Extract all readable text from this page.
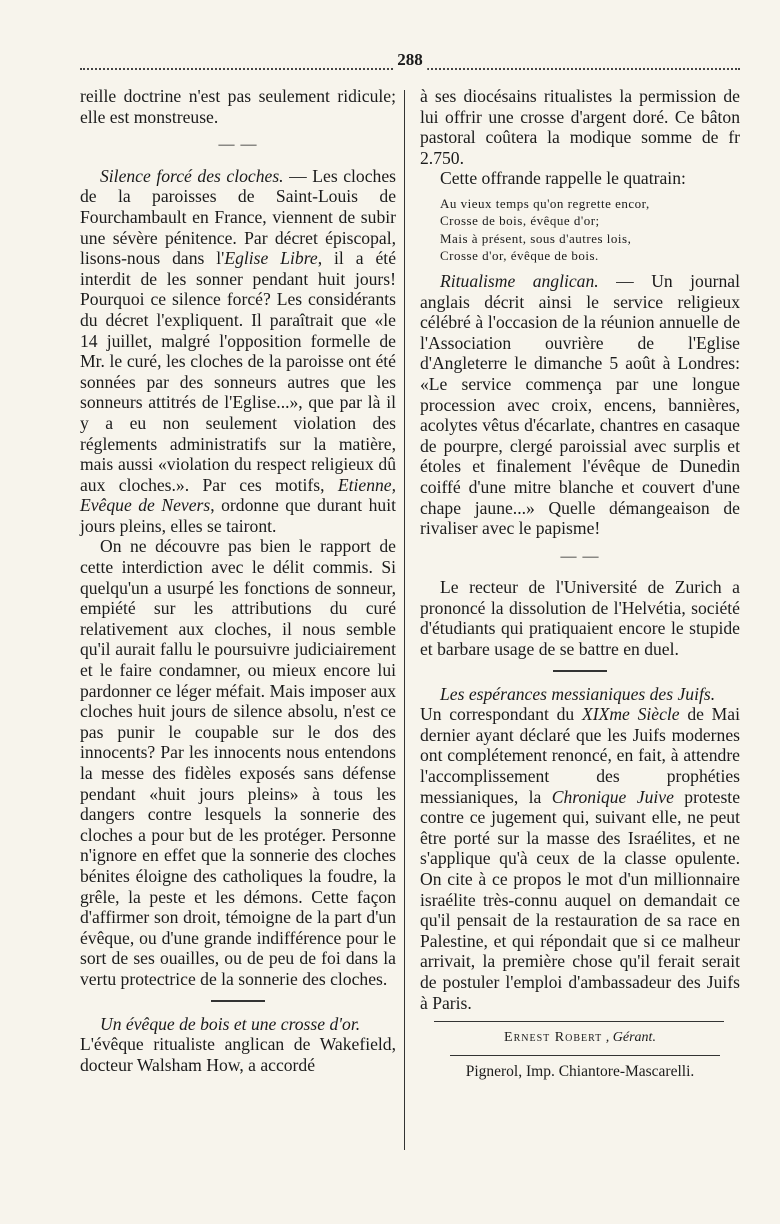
288

reille doctrine n'est pas seulement ridicule; elle est monstreuse.

— —

Silence forcé des cloches. — Les cloches de la paroisses de Saint-Louis de Fourchambault en France, viennent de subir une sévère pénitence. Par décret épiscopal, lisons-nous dans l'Eglise Libre, il a été interdit de les sonner pendant huit jours! Pourquoi ce silence forcé? Les considérants du décret l'expliquent. Il paraîtrait que «le 14 juillet, malgré l'opposition formelle de Mr. le curé, les cloches de la paroisse ont été sonnées par des sonneurs autres que les sonneurs attitrés de l'Eglise...», que par là il y a eu non seulement violation des réglements administratifs sur la matière, mais aussi «violation du respect religieux dû aux cloches.». Par ces motifs, Etienne, Evêque de Nevers, ordonne que durant huit jours pleins, elles se tairont.

On ne découvre pas bien le rapport de cette interdiction avec le délit commis. Si quelqu'un a usurpé les fonctions de sonneur, empiété sur les attributions du curé relativement aux cloches, il nous semble qu'il aurait fallu le poursuivre judiciairement et le faire condamner, ou mieux encore lui pardonner ce léger méfait. Mais imposer aux cloches huit jours de silence absolu, n'est ce pas punir le coupable sur le dos des innocents? Par les innocents nous entendons la messe des fidèles exposés sans défense pendant «huit jours pleins» à tous les dangers contre lesquels la sonnerie des cloches a pour but de les protéger. Personne n'ignore en effet que la sonnerie des cloches bénites éloigne des catholiques la foudre, la grêle, la peste et les démons. Cette façon d'affirmer son droit, témoigne de la part d'un évêque, ou d'une grande indifférence pour le sort de ses ouailles, ou de peu de foi dans la vertu protectrice de la sonnerie des cloches.

Un évêque de bois et une crosse d'or.

L'évêque ritualiste anglican de Wakefield, docteur Walsham How, a accordé

à ses diocésains ritualistes la permission de lui offrir une crosse d'argent doré. Ce bâton pastoral coûtera la modique somme de fr 2.750.

Cette offrande rappelle le quatrain:

Au vieux temps qu'on regrette encor,
Crosse de bois, évêque d'or;
Mais à présent, sous d'autres lois,
Crosse d'or, évêque de bois.

Ritualisme anglican. — Un journal anglais décrit ainsi le service religieux célébré à l'occasion de la réunion annuelle de l'Association ouvrière de l'Eglise d'Angleterre le dimanche 5 août à Londres: «Le service commença par une longue procession avec croix, encens, bannières, acolytes vêtus d'écarlate, chantres en casaque de pourpre, clergé paroissial avec surplis et étoles et finalement l'évêque de Dunedin coiffé d'une mitre blanche et couvert d'une chape jaune...» Quelle démangeaison de rivaliser avec le papisme!

— —

Le recteur de l'Université de Zurich a prononcé la dissolution de l'Helvétia, société d'étudiants qui pratiquaient encore le stupide et barbare usage de se battre en duel.

Les espérances messianiques des Juifs.

Un correspondant du XIXme Siècle de Mai dernier ayant déclaré que les Juifs modernes ont complétement renoncé, en fait, à attendre l'accomplissement des prophéties messianiques, la Chronique Juive proteste contre ce jugement qui, suivant elle, ne peut être porté sur la masse des Israélites, et ne s'applique qu'à ceux de la classe opulente. On cite à ce propos le mot d'un millionnaire israélite très-connu auquel on demandait ce qu'il pensait de la restauration de sa race en Palestine, et qui répondait que si ce malheur arrivait, la première chose qu'il ferait serait de postuler l'emploi d'ambassadeur des Juifs à Paris.

Ernest Robert , Gérant.
Pignerol, Imp. Chiantore-Mascarelli.
